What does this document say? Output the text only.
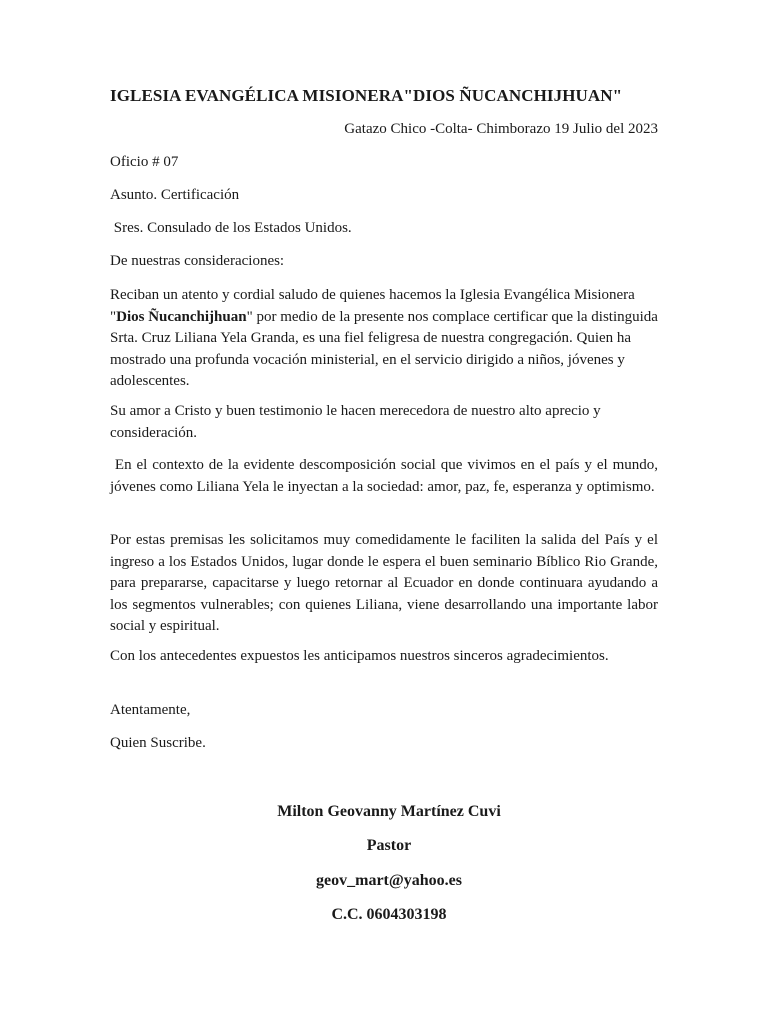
IGLESIA EVANGÉLICA MISIONERA"DIOS ÑUCANCHIJHUAN"
Gatazo Chico -Colta- Chimborazo 19 Julio del 2023
Oficio # 07
Asunto. Certificación
Sres. Consulado de los Estados Unidos.
De nuestras consideraciones:
Reciban un atento y cordial saludo de quienes hacemos la Iglesia Evangélica Misionera "Dios Ñucanchijhuan" por medio de la presente nos complace certificar que la distinguida Srta. Cruz Liliana Yela Granda, es una fiel feligresa de nuestra congregación. Quien ha mostrado una profunda vocación ministerial, en el servicio dirigido a niños, jóvenes y adolescentes.
Su amor a Cristo y buen testimonio le hacen merecedora de nuestro alto aprecio y consideración.
En el contexto de la evidente descomposición social que vivimos en el país y el mundo, jóvenes como Liliana Yela le inyectan a la sociedad: amor, paz, fe, esperanza y optimismo.
Por estas premisas les solicitamos muy comedidamente le faciliten la salida del País y el ingreso a los Estados Unidos, lugar donde le espera el buen seminario Bíblico Rio Grande, para prepararse, capacitarse y luego retornar al Ecuador en donde continuara ayudando a los segmentos vulnerables; con quienes Liliana, viene desarrollando una importante labor social y espiritual.
Con los antecedentes expuestos les anticipamos nuestros sinceros agradecimientos.
Atentamente,
Quien Suscribe.
Milton Geovanny Martínez Cuvi
Pastor
geov_mart@yahoo.es
C.C. 0604303198
